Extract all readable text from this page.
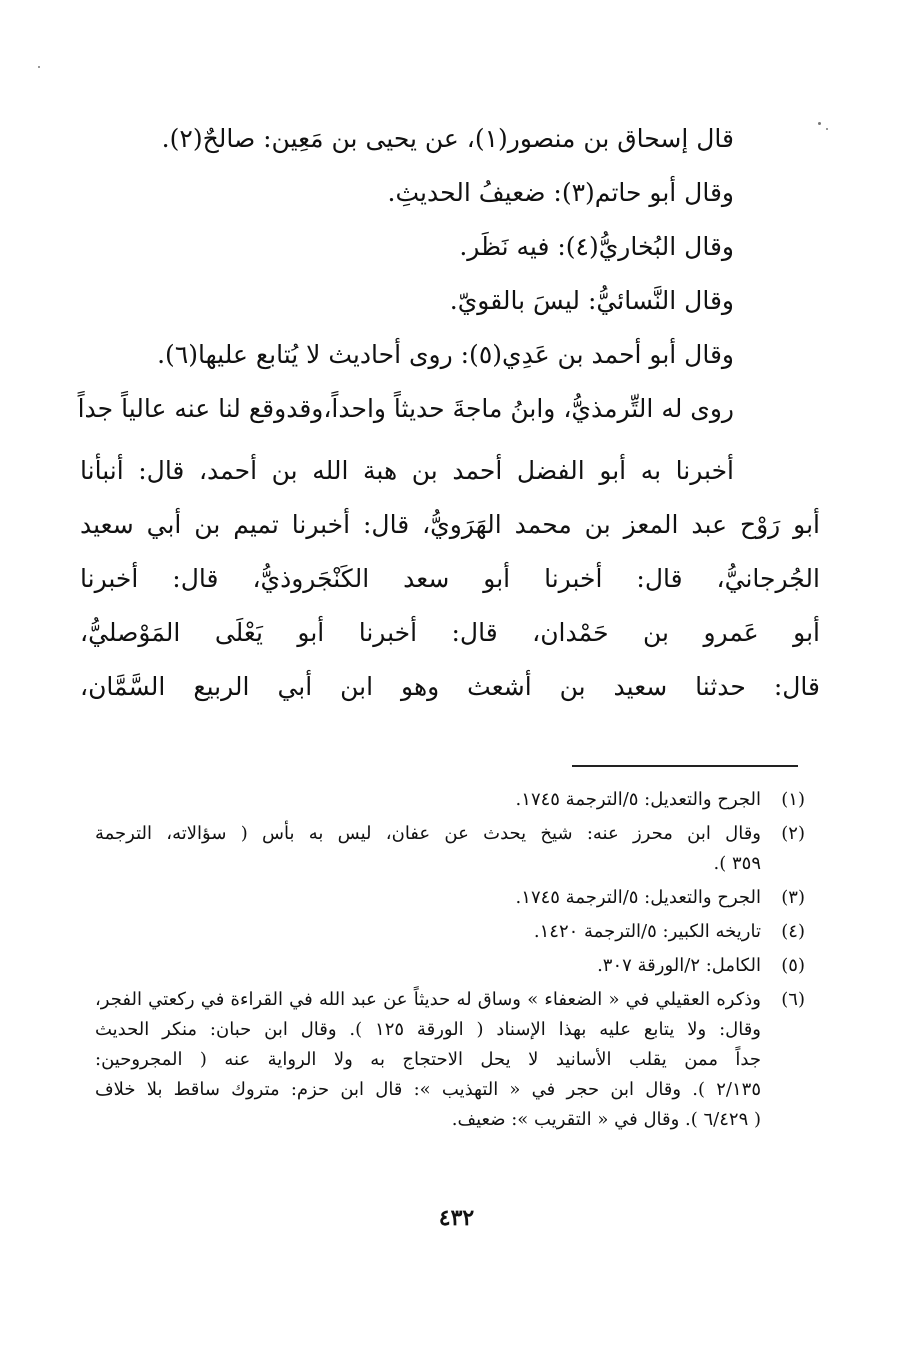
قال إسحاق بن منصور(١)، عن يحيى بن مَعِين: صالحٌ(٢).
وقال أبو حاتم(٣): ضعيفُ الحديثِ.
وقال البُخاريُّ(٤): فيه نَظَر.
وقال النَّسائيُّ: ليسَ بالقويّ.
وقال أبو أحمد بن عَدِي(٥): روى أحاديث لا يُتابع عليها(٦).
روى له التِّرمذيُّ، وابنُ ماجةَ حديثاً واحداً،وقدوقع لنا عنه عالياً جداً
أخبرنا به أبو الفضل أحمد بن هبة الله بن أحمد، قال: أنبأنا
أبو رَوْح عبد المعز بن محمد الهَرَويُّ، قال: أخبرنا تميم بن أبي سعيد
الجُرجانيُّ، قال: أخبرنا أبو سعد الكَنْجَروذيُّ، قال: أخبرنا
أبو عَمرو بن حَمْدان، قال: أخبرنا أبو يَعْلَى المَوْصليُّ،
قال: حدثنا سعيد بن أشعث وهو ابن أبي الربيع السَّمَّان،
(١)
الجرح والتعديل: ٥/الترجمة ١٧٤٥.
(٢)
وقال ابن محرز عنه: شيخ يحدث عن عفان، ليس به بأس ( سؤالاته، الترجمة
٣٥٩ ).
(٣)
الجرح والتعديل: ٥/الترجمة ١٧٤٥.
(٤)
تاريخه الكبير: ٥/الترجمة ١٤٢٠.
(٥)
الكامل: ٢/الورقة ٣٠٧.
(٦)
وذكره العقيلي في « الضعفاء » وساق له حديثاً عن عبد الله في القراءة في ركعتي الفجر،
وقال: ولا يتابع عليه بهذا الإسناد ( الورقة ١٢٥ ). وقال ابن حبان: منكر الحديث
جداً ممن يقلب الأسانيد لا يحل الاحتجاج به ولا الرواية عنه ( المجروحين:
٢/١٣٥ ). وقال ابن حجر في « التهذيب »: قال ابن حزم: متروك ساقط بلا خلاف
( ٦/٤٢٩ ). وقال في « التقريب »: ضعيف.
٤٣٢
